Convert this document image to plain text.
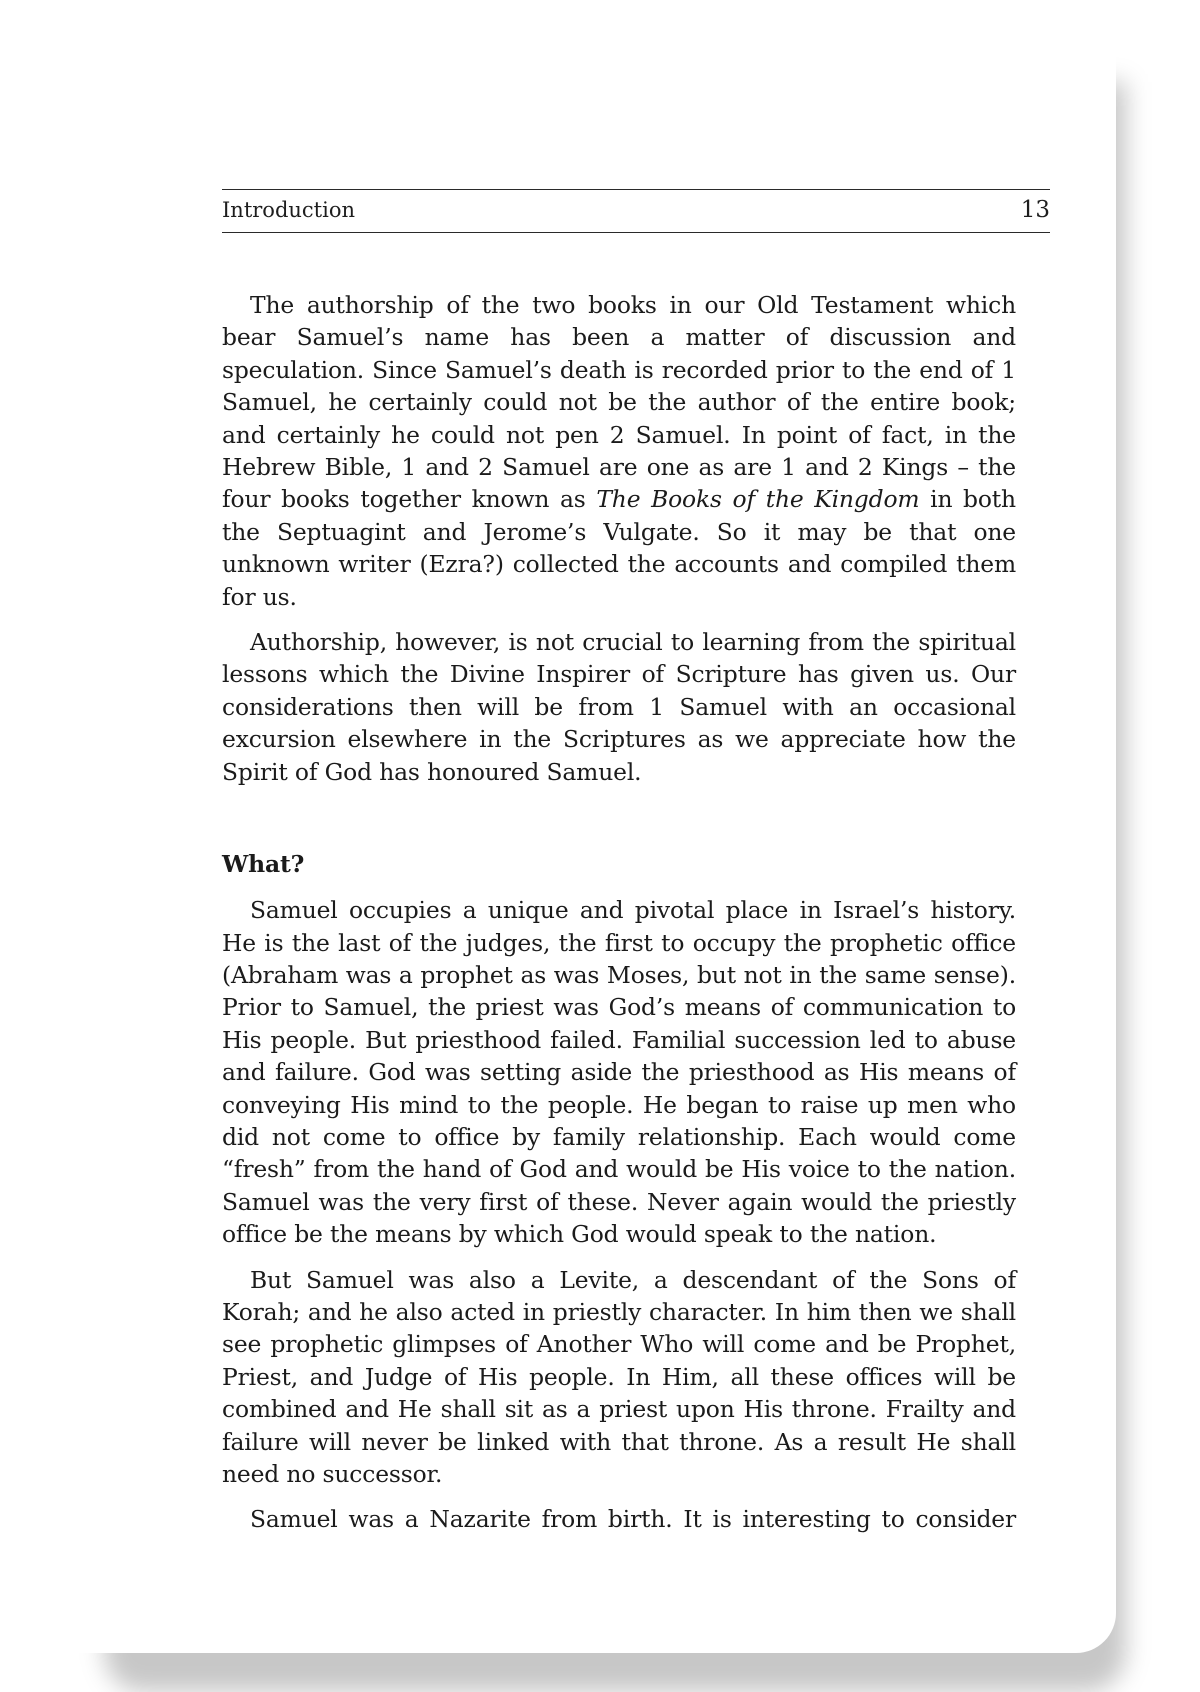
Introduction	13

The authorship of the two books in our Old Testament which bear Samuel’s name has been a matter of discussion and speculation. Since Samuel’s death is recorded prior to the end of 1 Samuel, he certainly could not be the author of the entire book; and certainly he could not pen 2 Samuel. In point of fact, in the Hebrew Bible, 1 and 2 Samuel are one as are 1 and 2 Kings – the four books together known as The Books of the Kingdom in both the Septuagint and Jerome’s Vulgate. So it may be that one unknown writer (Ezra?) collected the accounts and compiled them for us.

Authorship, however, is not crucial to learning from the spiritual lessons which the Divine Inspirer of Scripture has given us. Our considerations then will be from 1 Samuel with an occasional excursion elsewhere in the Scriptures as we appreciate how the Spirit of God has honoured Samuel.

What?

Samuel occupies a unique and pivotal place in Israel’s history. He is the last of the judges, the first to occupy the prophetic office (Abraham was a prophet as was Moses, but not in the same sense). Prior to Samuel, the priest was God’s means of communication to His people. But priesthood failed. Familial succession led to abuse and failure. God was setting aside the priesthood as His means of conveying His mind to the people. He began to raise up men who did not come to office by family relationship. Each would come “fresh” from the hand of God and would be His voice to the nation. Samuel was the very first of these. Never again would the priestly office be the means by which God would speak to the nation.

But Samuel was also a Levite, a descendant of the Sons of Korah; and he also acted in priestly character. In him then we shall see prophetic glimpses of Another Who will come and be Prophet, Priest, and Judge of His people. In Him, all these offices will be combined and He shall sit as a priest upon His throne. Frailty and failure will never be linked with that throne. As a result He shall need no successor.

Samuel was a Nazarite from birth. It is interesting to consider
